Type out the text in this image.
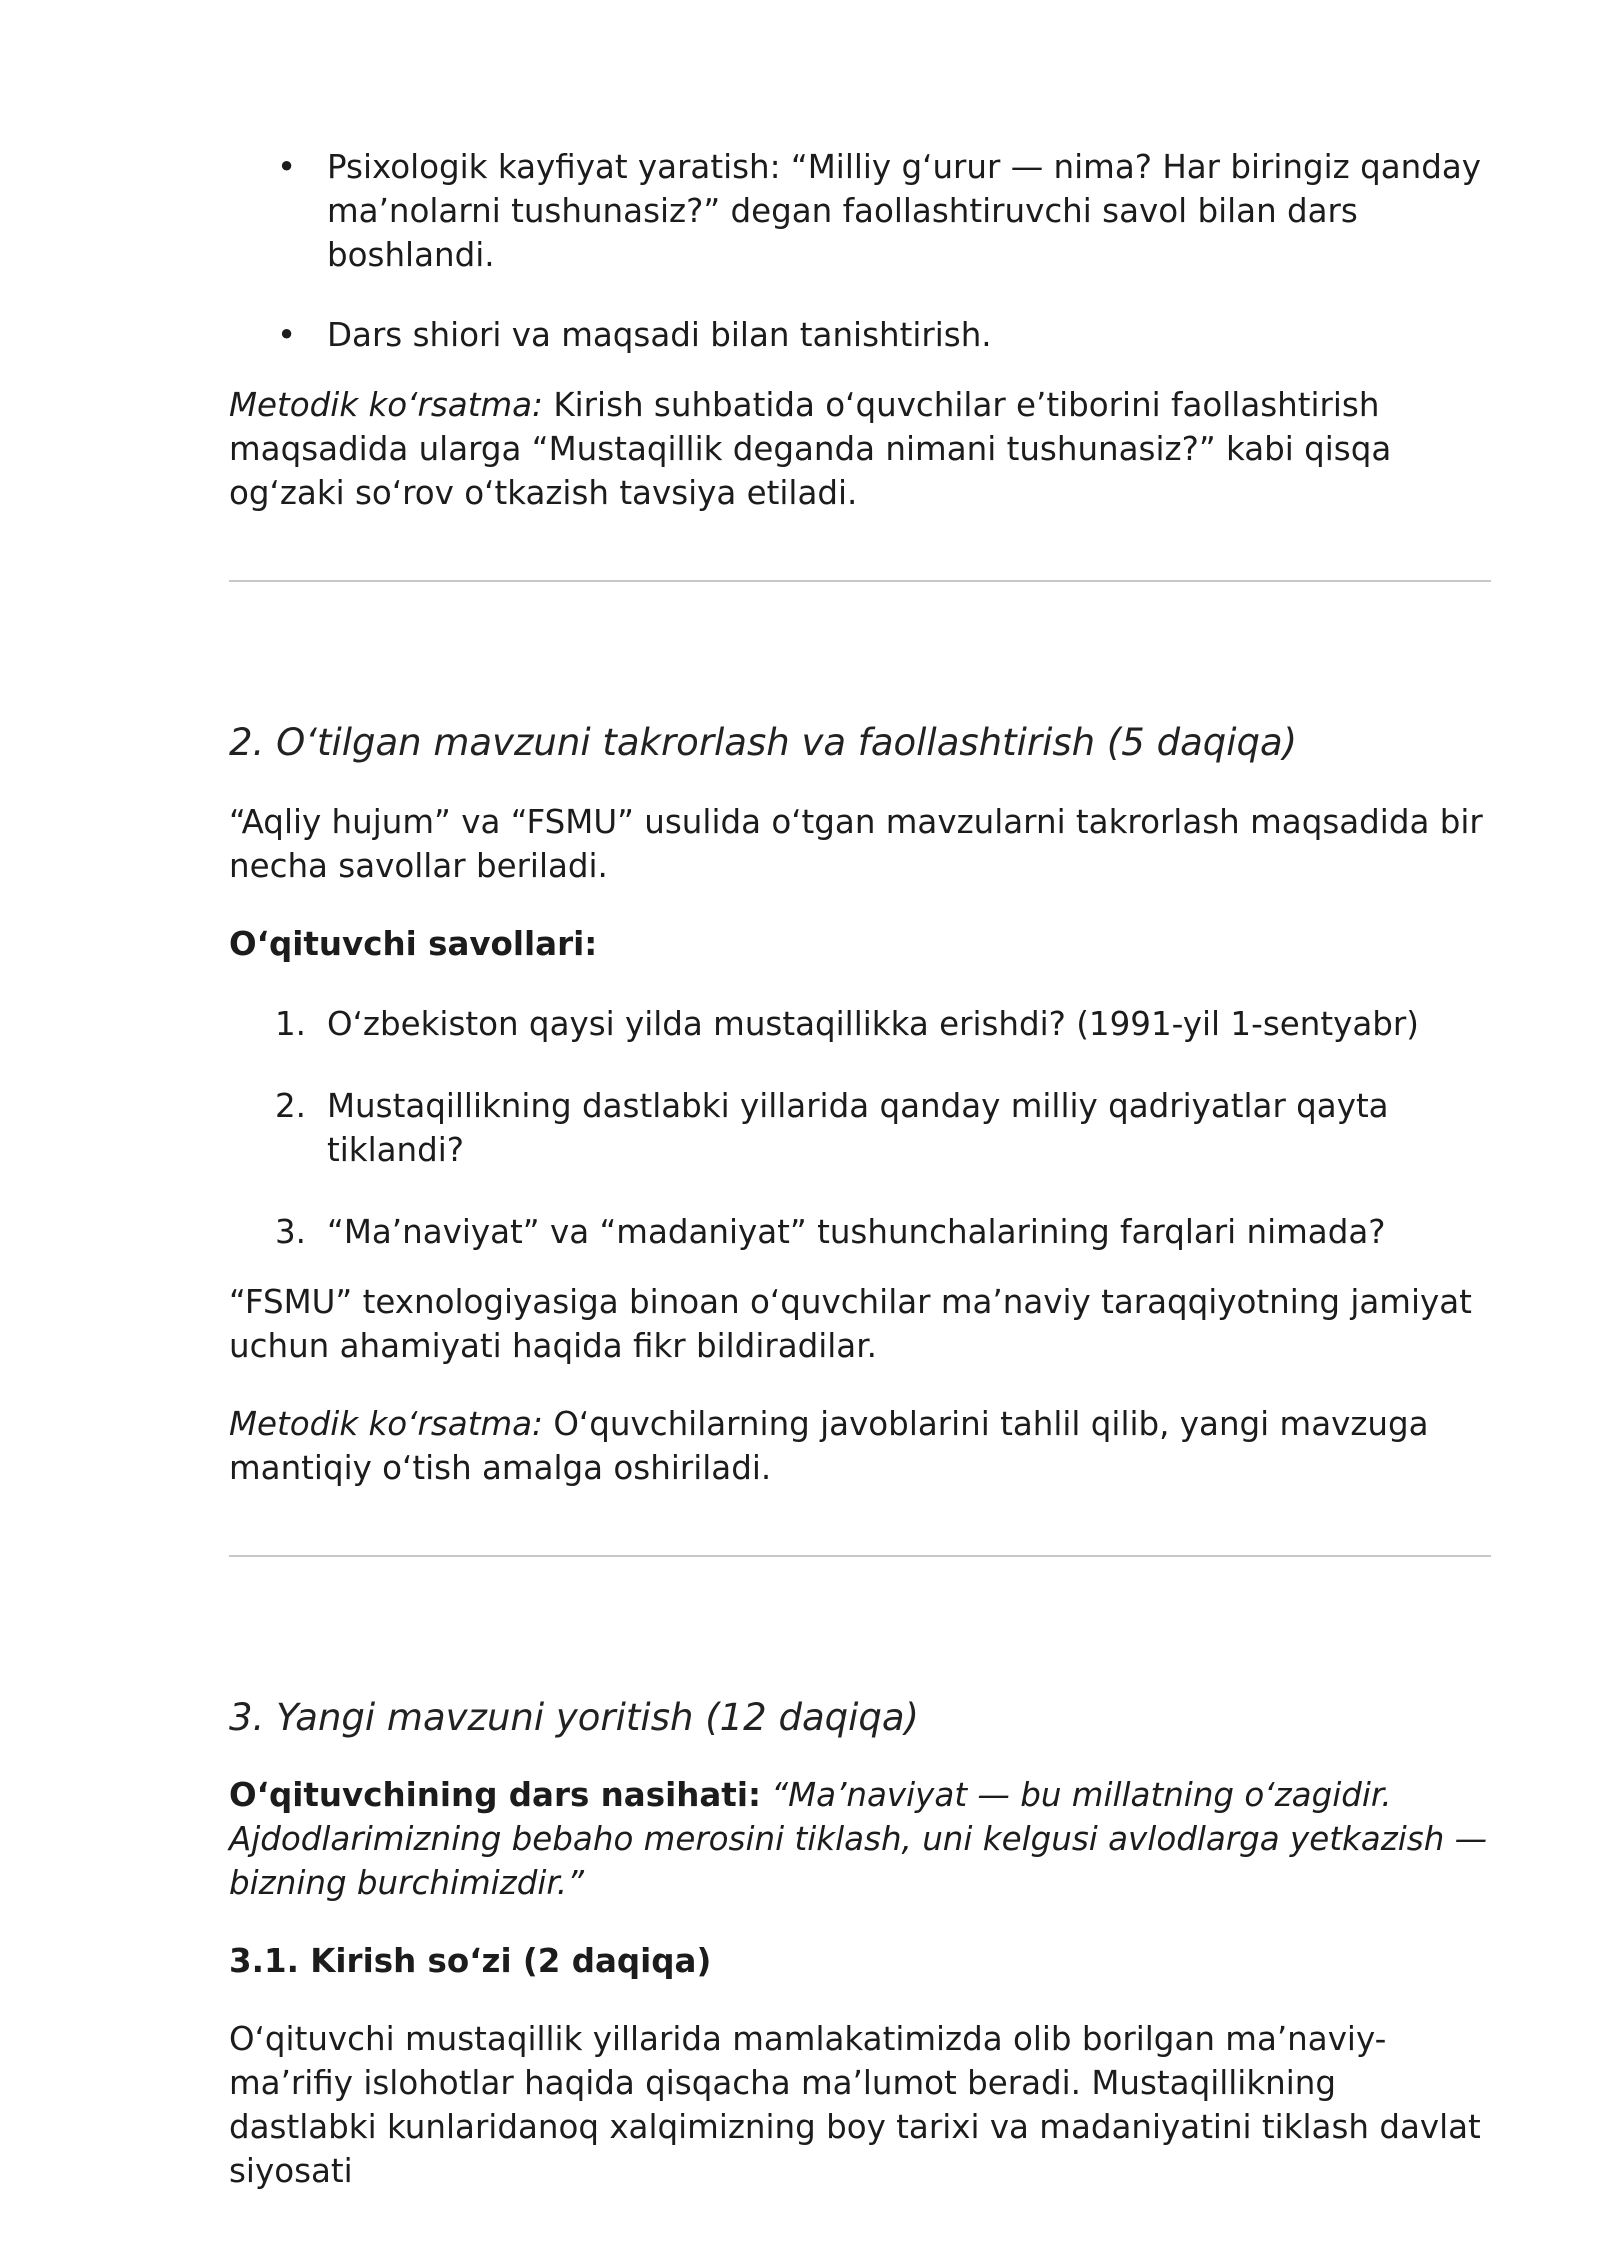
• Psixologik kayfiyat yaratish: “Milliy g‘urur — nima? Har biringiz qanday ma’nolarni tushunasiz?” degan faollashtiruvchi savol bilan dars boshlandi.
• Dars shiori va maqsadi bilan tanishtirish.

Metodik ko‘rsatma: Kirish suhbatida o‘quvchilar e’tiborini faollashtirish maqsadida ularga “Mustaqillik deganda nimani tushunasiz?” kabi qisqa og‘zaki so‘rov o‘tkazish tavsiya etiladi.

2. O‘tilgan mavzuni takrorlash va faollashtirish (5 daqiqa)

“Aqliy hujum” va “FSMU” usulida o‘tgan mavzularni takrorlash maqsadida bir necha savollar beriladi.

O‘qituvchi savollari:

1. O‘zbekiston qaysi yilda mustaqillikka erishdi? (1991-yil 1-sentyabr)
2. Mustaqillikning dastlabki yillarida qanday milliy qadriyatlar qayta tiklandi?
3. “Ma’naviyat” va “madaniyat” tushunchalarining farqlari nimada?

“FSMU” texnologiyasiga binoan o‘quvchilar ma’naviy taraqqiyotning jamiyat uchun ahamiyati haqida fikr bildiradilar.

Metodik ko‘rsatma: O‘quvchilarning javoblarini tahlil qilib, yangi mavzuga mantiqiy o‘tish amalga oshiriladi.

3. Yangi mavzuni yoritish (12 daqiqa)

O‘qituvchining dars nasihati: “Ma’naviyat — bu millatning o‘zagidir. Ajdodlarimizning bebaho merosini tiklash, uni kelgusi avlodlarga yetkazish — bizning burchimizdir.”

3.1. Kirish so‘zi (2 daqiqa)

O‘qituvchi mustaqillik yillarida mamlakatimizda olib borilgan ma’naviy-ma’rifiy islohotlar haqida qisqacha ma’lumot beradi. Mustaqillikning dastlabki kunlaridanoq xalqimizning boy tarixi va madaniyatini tiklash davlat siyosati
